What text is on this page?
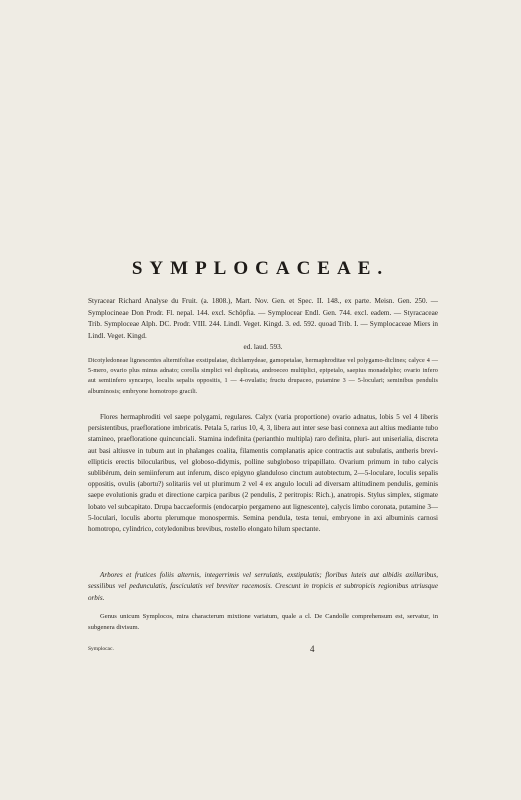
SYMPLOCACEAE.
Styracear Richard Analyse du Fruit. (a. 1808.), Mart. Nov. Gen. et Spec. II. 148., ex parte. Meisn. Gen. 250. — Symplocineae Don Prodr. Fl. nepal. 144. excl. Schöpfia. — Symplocear Endl. Gen. 744. excl. eadem. — Styracaceae Trib. Symploceae Alph. DC. Prodr. VIII. 244. Lindl. Veget. Kingd. 3. ed. 592. quoad Trib. I. — Symplocaceae Miers in Lindl. Veget. Kingd.
ed. laud. 593.

Dicotyledoneae lignescentes alternifoliae exstipulatae, dichlamydeae, gamopetalae, hermaphroditae vel polygamo-diclines; calyce 4 — 5-mero, ovario plus minus adnato; corolla simplici vel duplicata, androeceo multiplici, epipetalo, saepius monadelpho; ovario infero aut semiinfero syncarpo, loculis sepalis oppositis, 1 — 4-ovulatis; fructu drupaceo, putamine 3 — 5-loculari; seminibus pendulis albuminosis; embryone homotropo gracili.

Flores hermaphroditi vel saepe polygami, regulares. Calyx (varia proportione) ovario adnatus, lobis 5 vel 4 liberis persistentibus, praefloratione imbricatis. Petala 5, rarius 10, 4, 3, libera aut inter sese basi connexa aut altius mediante tubo stamineo, praefloratione quincunciali. Stamina indefinita (perianthio multipla) raro definita, pluri- aut uniserialia, discreta aut basi altiusve in tubum aut in phalanges coalita, filamentis complanatis apice contractis aut subulatis, antheris brevi-ellipticis erectis bilocularibus, vel globoso-didymis, polline subgloboso tripapillato. Ovarium primum in tubo calycis sublibérum, dein semiinferum aut inferum, disco epigyno glanduloso cinctum autobtectum, 2—5-loculare, loculis sepalis oppositis, ovulis (abortu?) solitariis vel ut plurimum 2 vel 4 ex angulo loculi ad diversam altitudinem pendulis, geminis saepe evolutionis gradu et directione carpica paribus (2 pendulis, 2 peritropis: Rich.), anatropis. Stylus simplex, stigmate lobato vel subcapitato. Drupa baccaeformis (endocarpio pergameno aut lignescente), calycis limbo coronata, putamine 3—5-loculari, loculis abortu plerumque monospermis. Semina pendula, testa tenui, embryone in axi albuminis carnosi homotropo, cylindrico, cotyledonibus brevibus, rostello elongato hilum spectante.

Arbores et frutices foliis alternis, integerrimis vel serrulatis, exstipulatis; floribus luteis aut albidis axillaribus, sessilibus vel pedunculatis, fasciculatis vel breviter racemosis. Crescunt in tropicis et subtropicis regionibus utriusque orbis.

Genus unicum Symplocos, mira characterum mixtione variatum, quale a cl. De Candolle comprehensum est, servatur, in subgenera divisum.

Symplocac.	4
